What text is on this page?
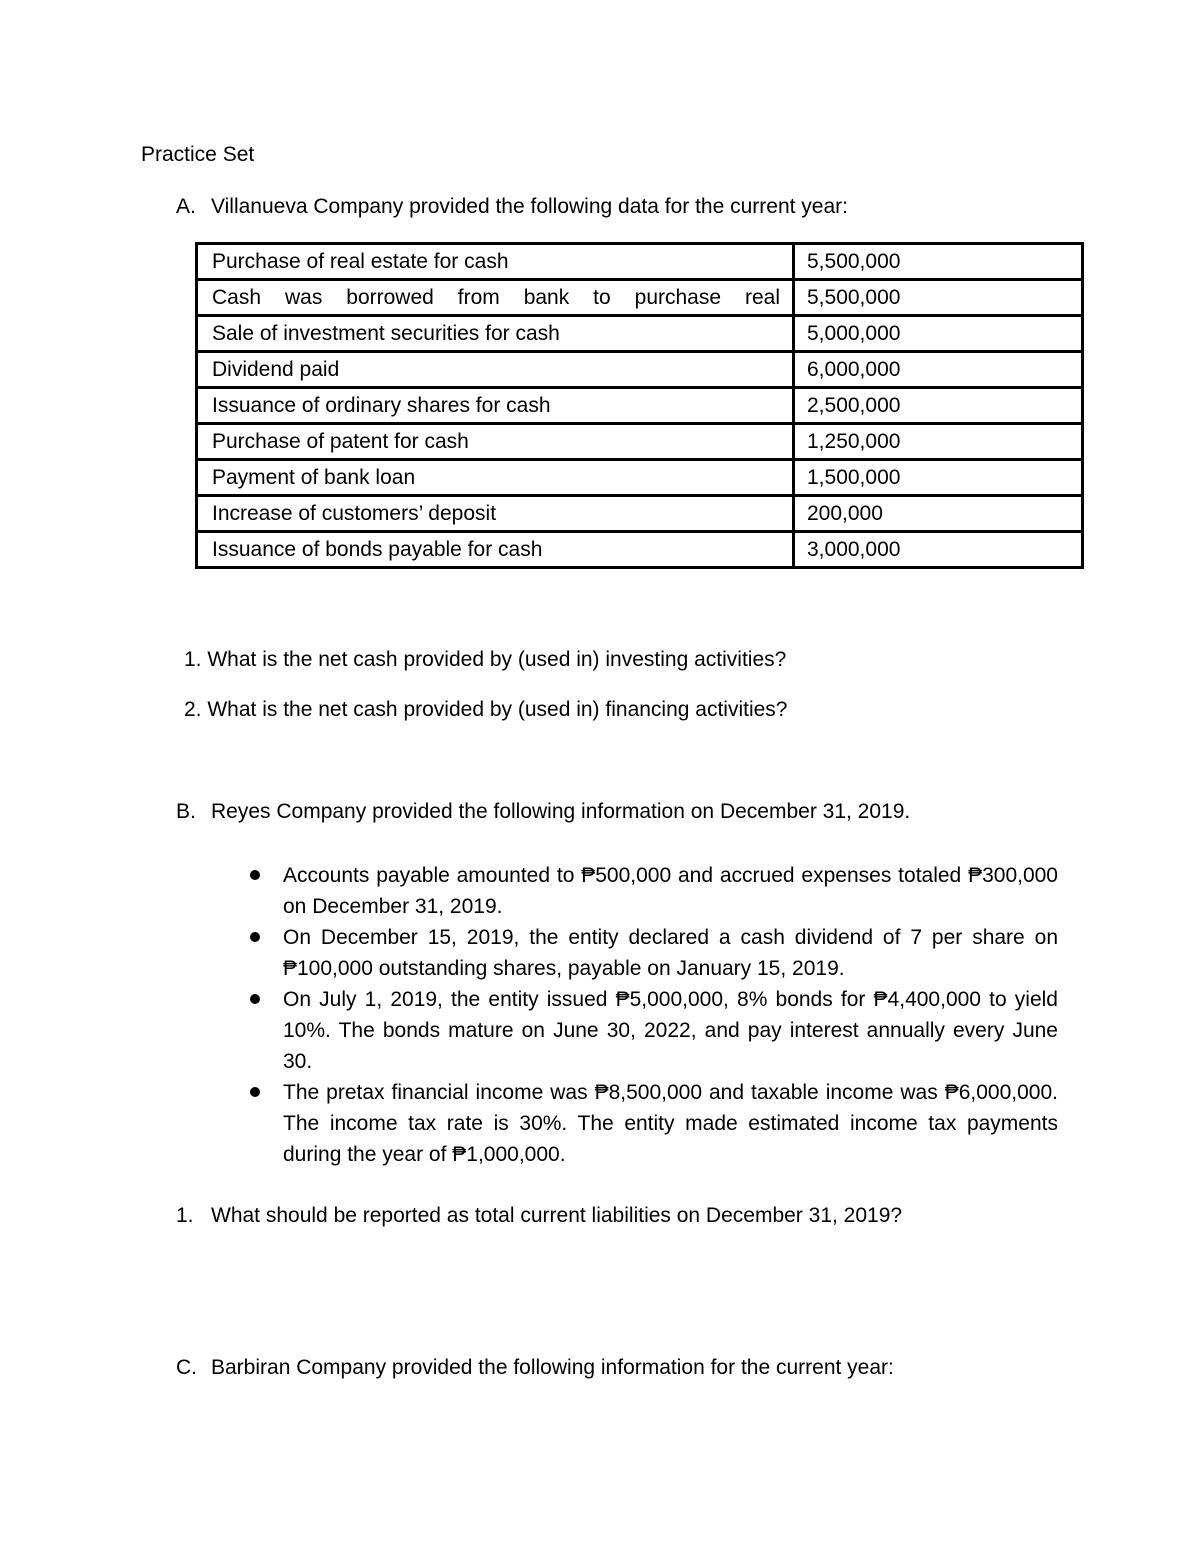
Practice Set
A. Villanueva Company provided the following data for the current year:
Purchase of real estate for cash	5,500,000
Cash was borrowed from bank to purchase real	5,500,000
Sale of investment securities for cash	5,000,000
Dividend paid	6,000,000
Issuance of ordinary shares for cash	2,500,000
Purchase of patent for cash	1,250,000
Payment of bank loan	1,500,000
Increase of customers’ deposit	200,000
Issuance of bonds payable for cash	3,000,000
1. What is the net cash provided by (used in) investing activities?
2. What is the net cash provided by (used in) financing activities?
B. Reyes Company provided the following information on December 31, 2019.
Accounts payable amounted to ₱500,000 and accrued expenses totaled ₱300,000 on December 31, 2019.
On December 15, 2019, the entity declared a cash dividend of 7 per share on ₱100,000 outstanding shares, payable on January 15, 2019.
On July 1, 2019, the entity issued ₱5,000,000, 8% bonds for ₱4,400,000 to yield 10%. The bonds mature on June 30, 2022, and pay interest annually every June 30.
The pretax financial income was ₱8,500,000 and taxable income was ₱6,000,000. The income tax rate is 30%. The entity made estimated income tax payments during the year of ₱1,000,000.
1. What should be reported as total current liabilities on December 31, 2019?
C. Barbiran Company provided the following information for the current year:
